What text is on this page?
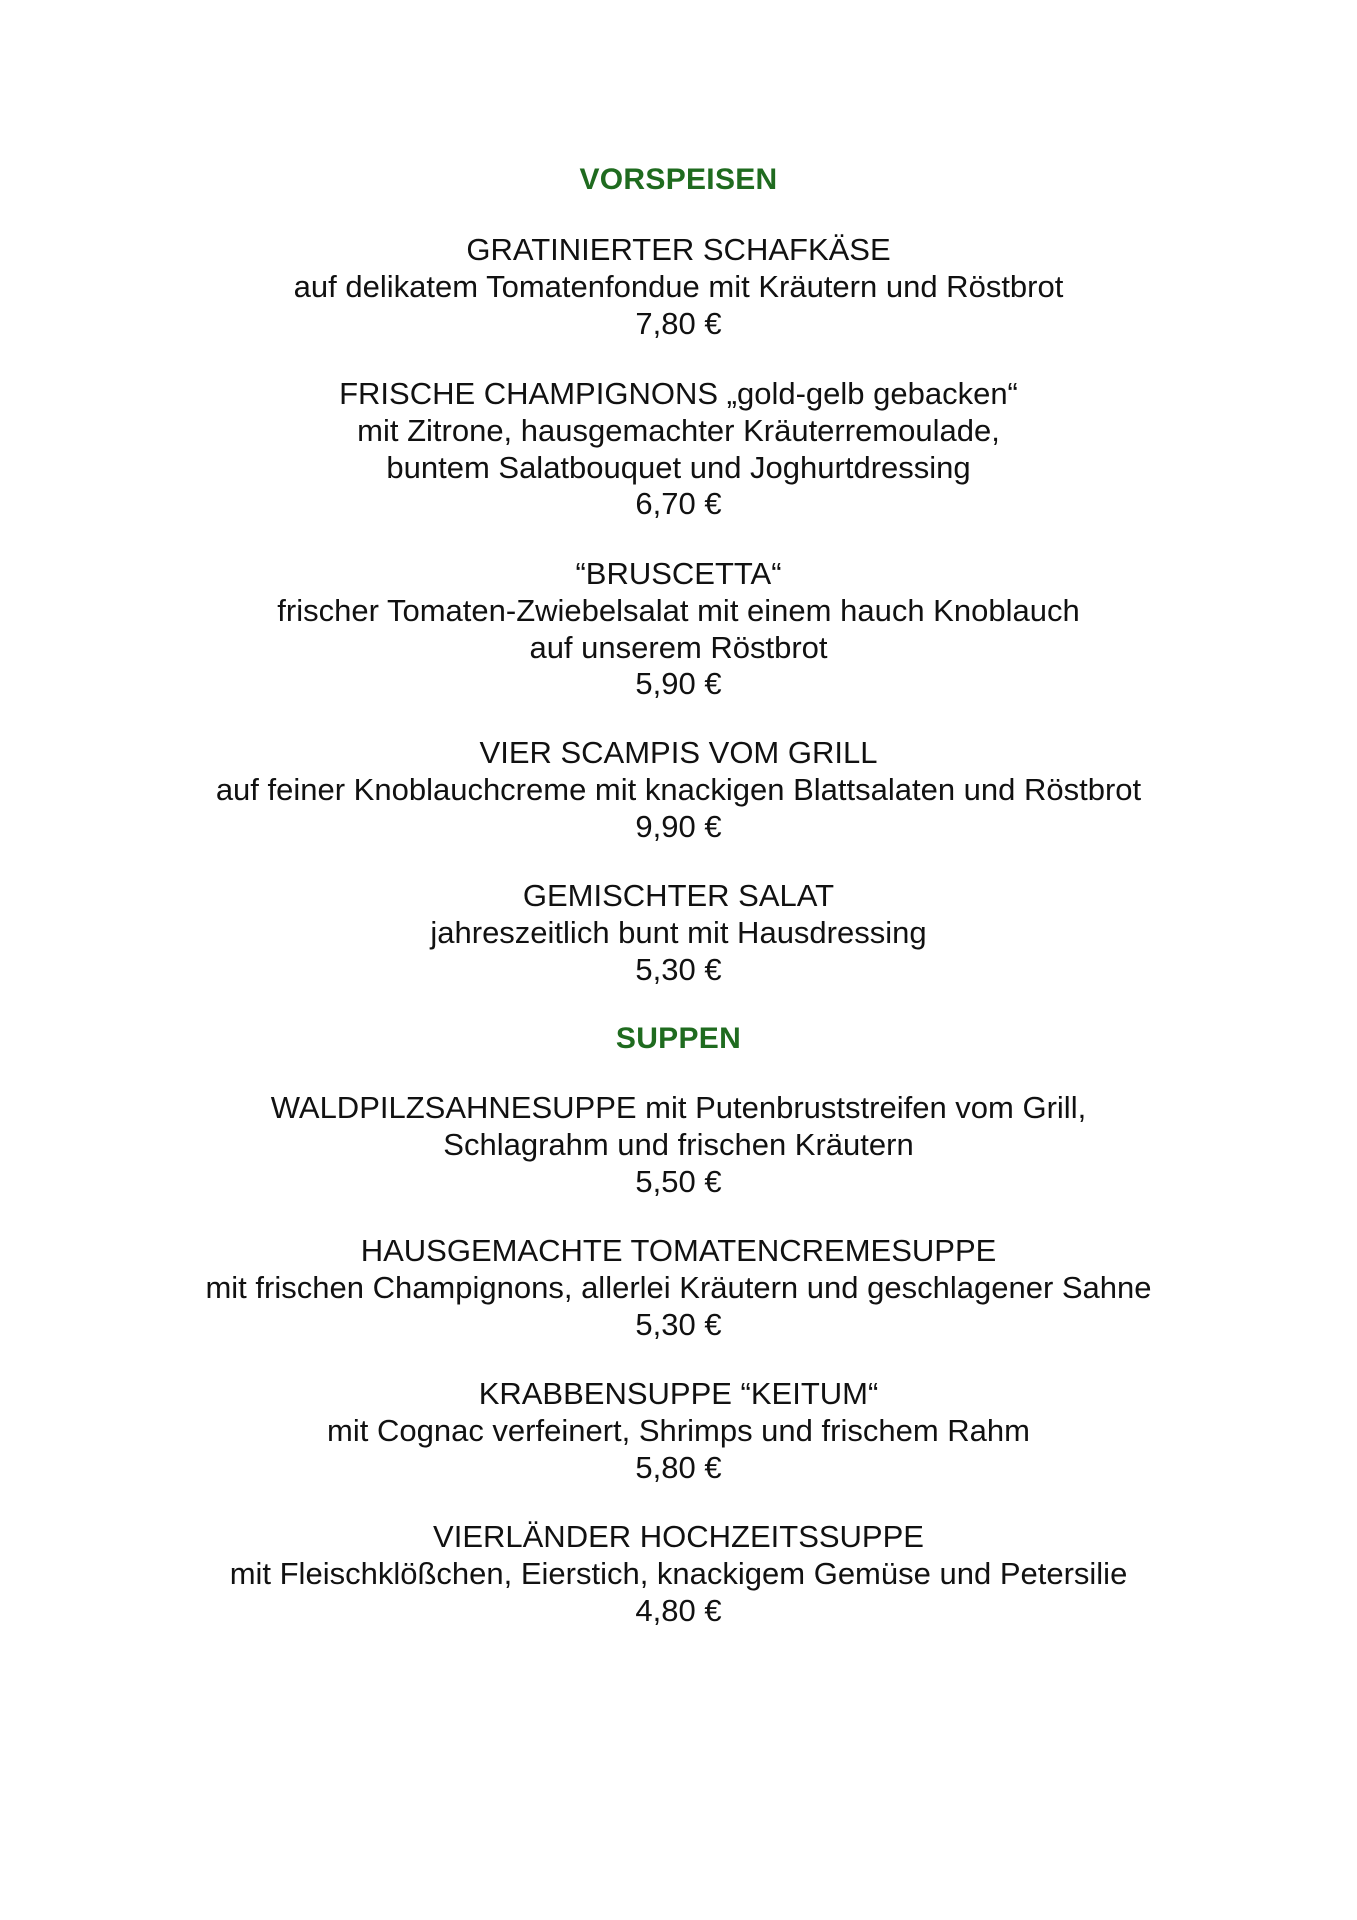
VORSPEISEN

GRATINIERTER SCHAFKÄSE

auf delikatem Tomatenfondue mit Kräutern und Röstbrot

7,80 €

FRISCHE CHAMPIGNONS „gold-gelb gebacken“

mit Zitrone, hausgemachter Kräuterremoulade,

buntem Salatbouquet und Joghurtdressing

6,70 €

“BRUSCETTA“

frischer Tomaten-Zwiebelsalat mit einem hauch Knoblauch

auf unserem Röstbrot

5,90 €

VIER SCAMPIS VOM GRILL

auf feiner Knoblauchcreme mit knackigen Blattsalaten und Röstbrot

9,90 €

GEMISCHTER SALAT

jahreszeitlich bunt mit Hausdressing

5,30 €

SUPPEN

WALDPILZSAHNESUPPE mit Putenbruststreifen vom Grill,

Schlagrahm und frischen Kräutern

5,50 €

HAUSGEMACHTE TOMATENCREMESUPPE

mit frischen Champignons, allerlei Kräutern und geschlagener Sahne

5,30 €

KRABBENSUPPE “KEITUM“

mit Cognac verfeinert, Shrimps und frischem Rahm

5,80 €

VIERLÄNDER HOCHZEITSSUPPE

mit Fleischklößchen, Eierstich, knackigem Gemüse und Petersilie

4,80 €
